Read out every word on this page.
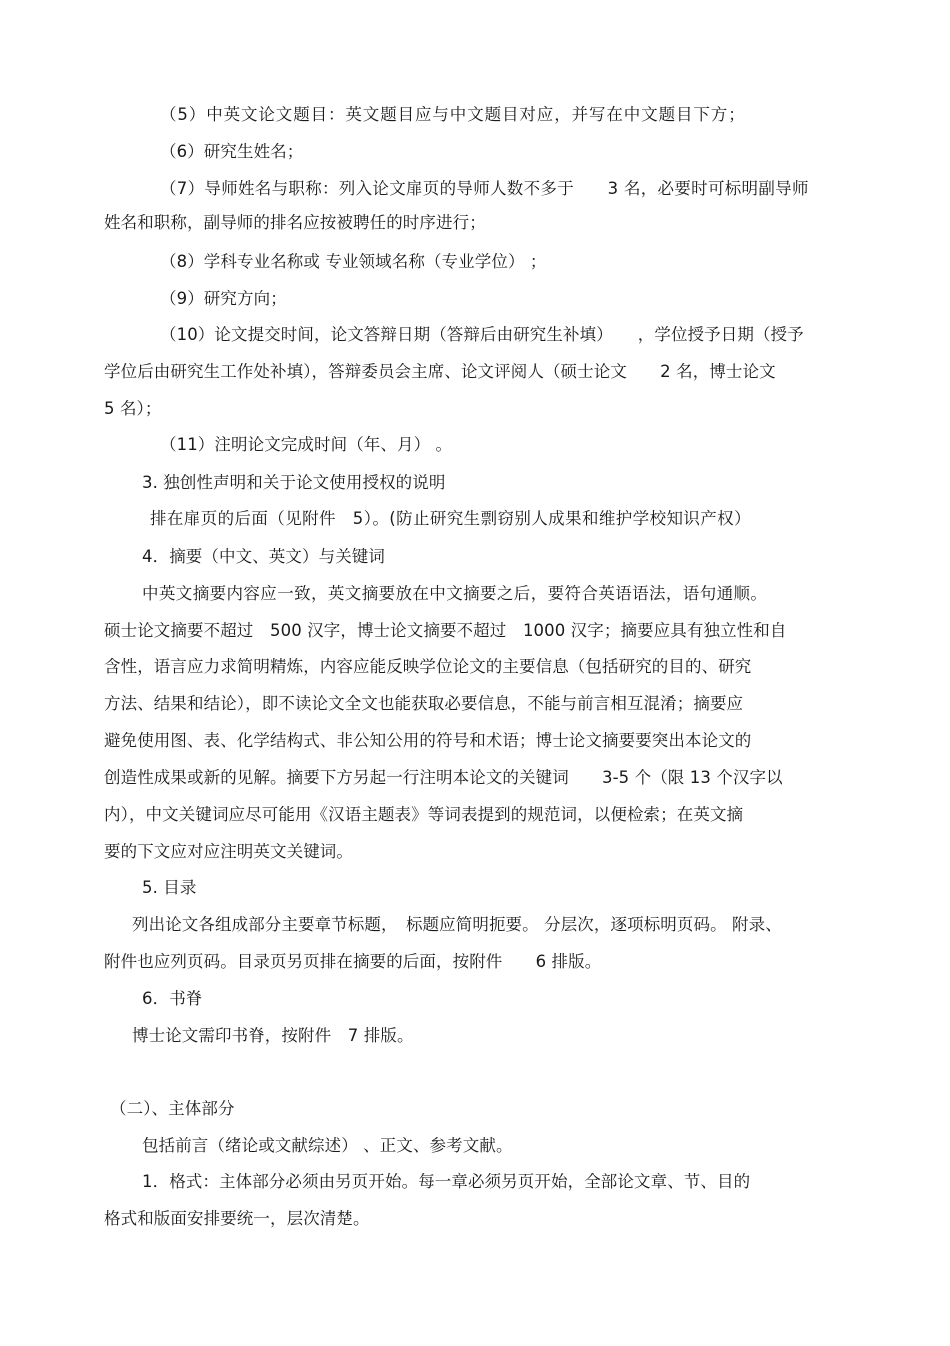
（5）中英文论文题目：英文题目应与中文题目对应，并写在中文题目下方；

（6）研究生姓名；

（7）导师姓名与职称：列入论文扉页的导师人数不多于　　3 名，必要时可标明副导师

姓名和职称，副导师的排名应按被聘任的时序进行；

（8）学科专业名称或 专业领域名称（专业学位） ；

（9）研究方向；

（10）论文提交时间，论文答辩日期（答辩后由研究生补填）　　，学位授予日期（授予

学位后由研究生工作处补填），答辩委员会主席、论文评阅人（硕士论文　　2 名，博士论文

5 名）；

（11）注明论文完成时间（年、月） 。

3. 独创性声明和关于论文使用授权的说明

排在扉页的后面（见附件　5）。(防止研究生剽窃别人成果和维护学校知识产权）

4．摘要（中文、英文）与关键词

中英文摘要内容应一致，英文摘要放在中文摘要之后，要符合英语语法，语句通顺。

硕士论文摘要不超过　500 汉字，博士论文摘要不超过　1000 汉字；摘要应具有独立性和自

含性，语言应力求简明精炼，内容应能反映学位论文的主要信息（包括研究的目的、研究

方法、结果和结论），即不读论文全文也能获取必要信息，不能与前言相互混淆；摘要应

避免使用图、表、化学结构式、非公知公用的符号和术语；博士论文摘要要突出本论文的

创造性成果或新的见解。摘要下方另起一行注明本论文的关键词　　3-5 个（限 13 个汉字以

内），中文关键词应尽可能用《汉语主题表》等词表提到的规范词，以便检索；在英文摘

要的下文应对应注明英文关键词。

5. 目录

列出论文各组成部分主要章节标题，　标题应简明扼要。 分层次，逐项标明页码。 附录、

附件也应列页码。目录页另页排在摘要的后面，按附件　　6 排版。

6．书脊

博士论文需印书脊，按附件　7 排版。

（二）、主体部分

包括前言（绪论或文献综述） 、正文、参考文献。

1．格式：主体部分必须由另页开始。每一章必须另页开始，全部论文章、节、目的

格式和版面安排要统一，层次清楚。
